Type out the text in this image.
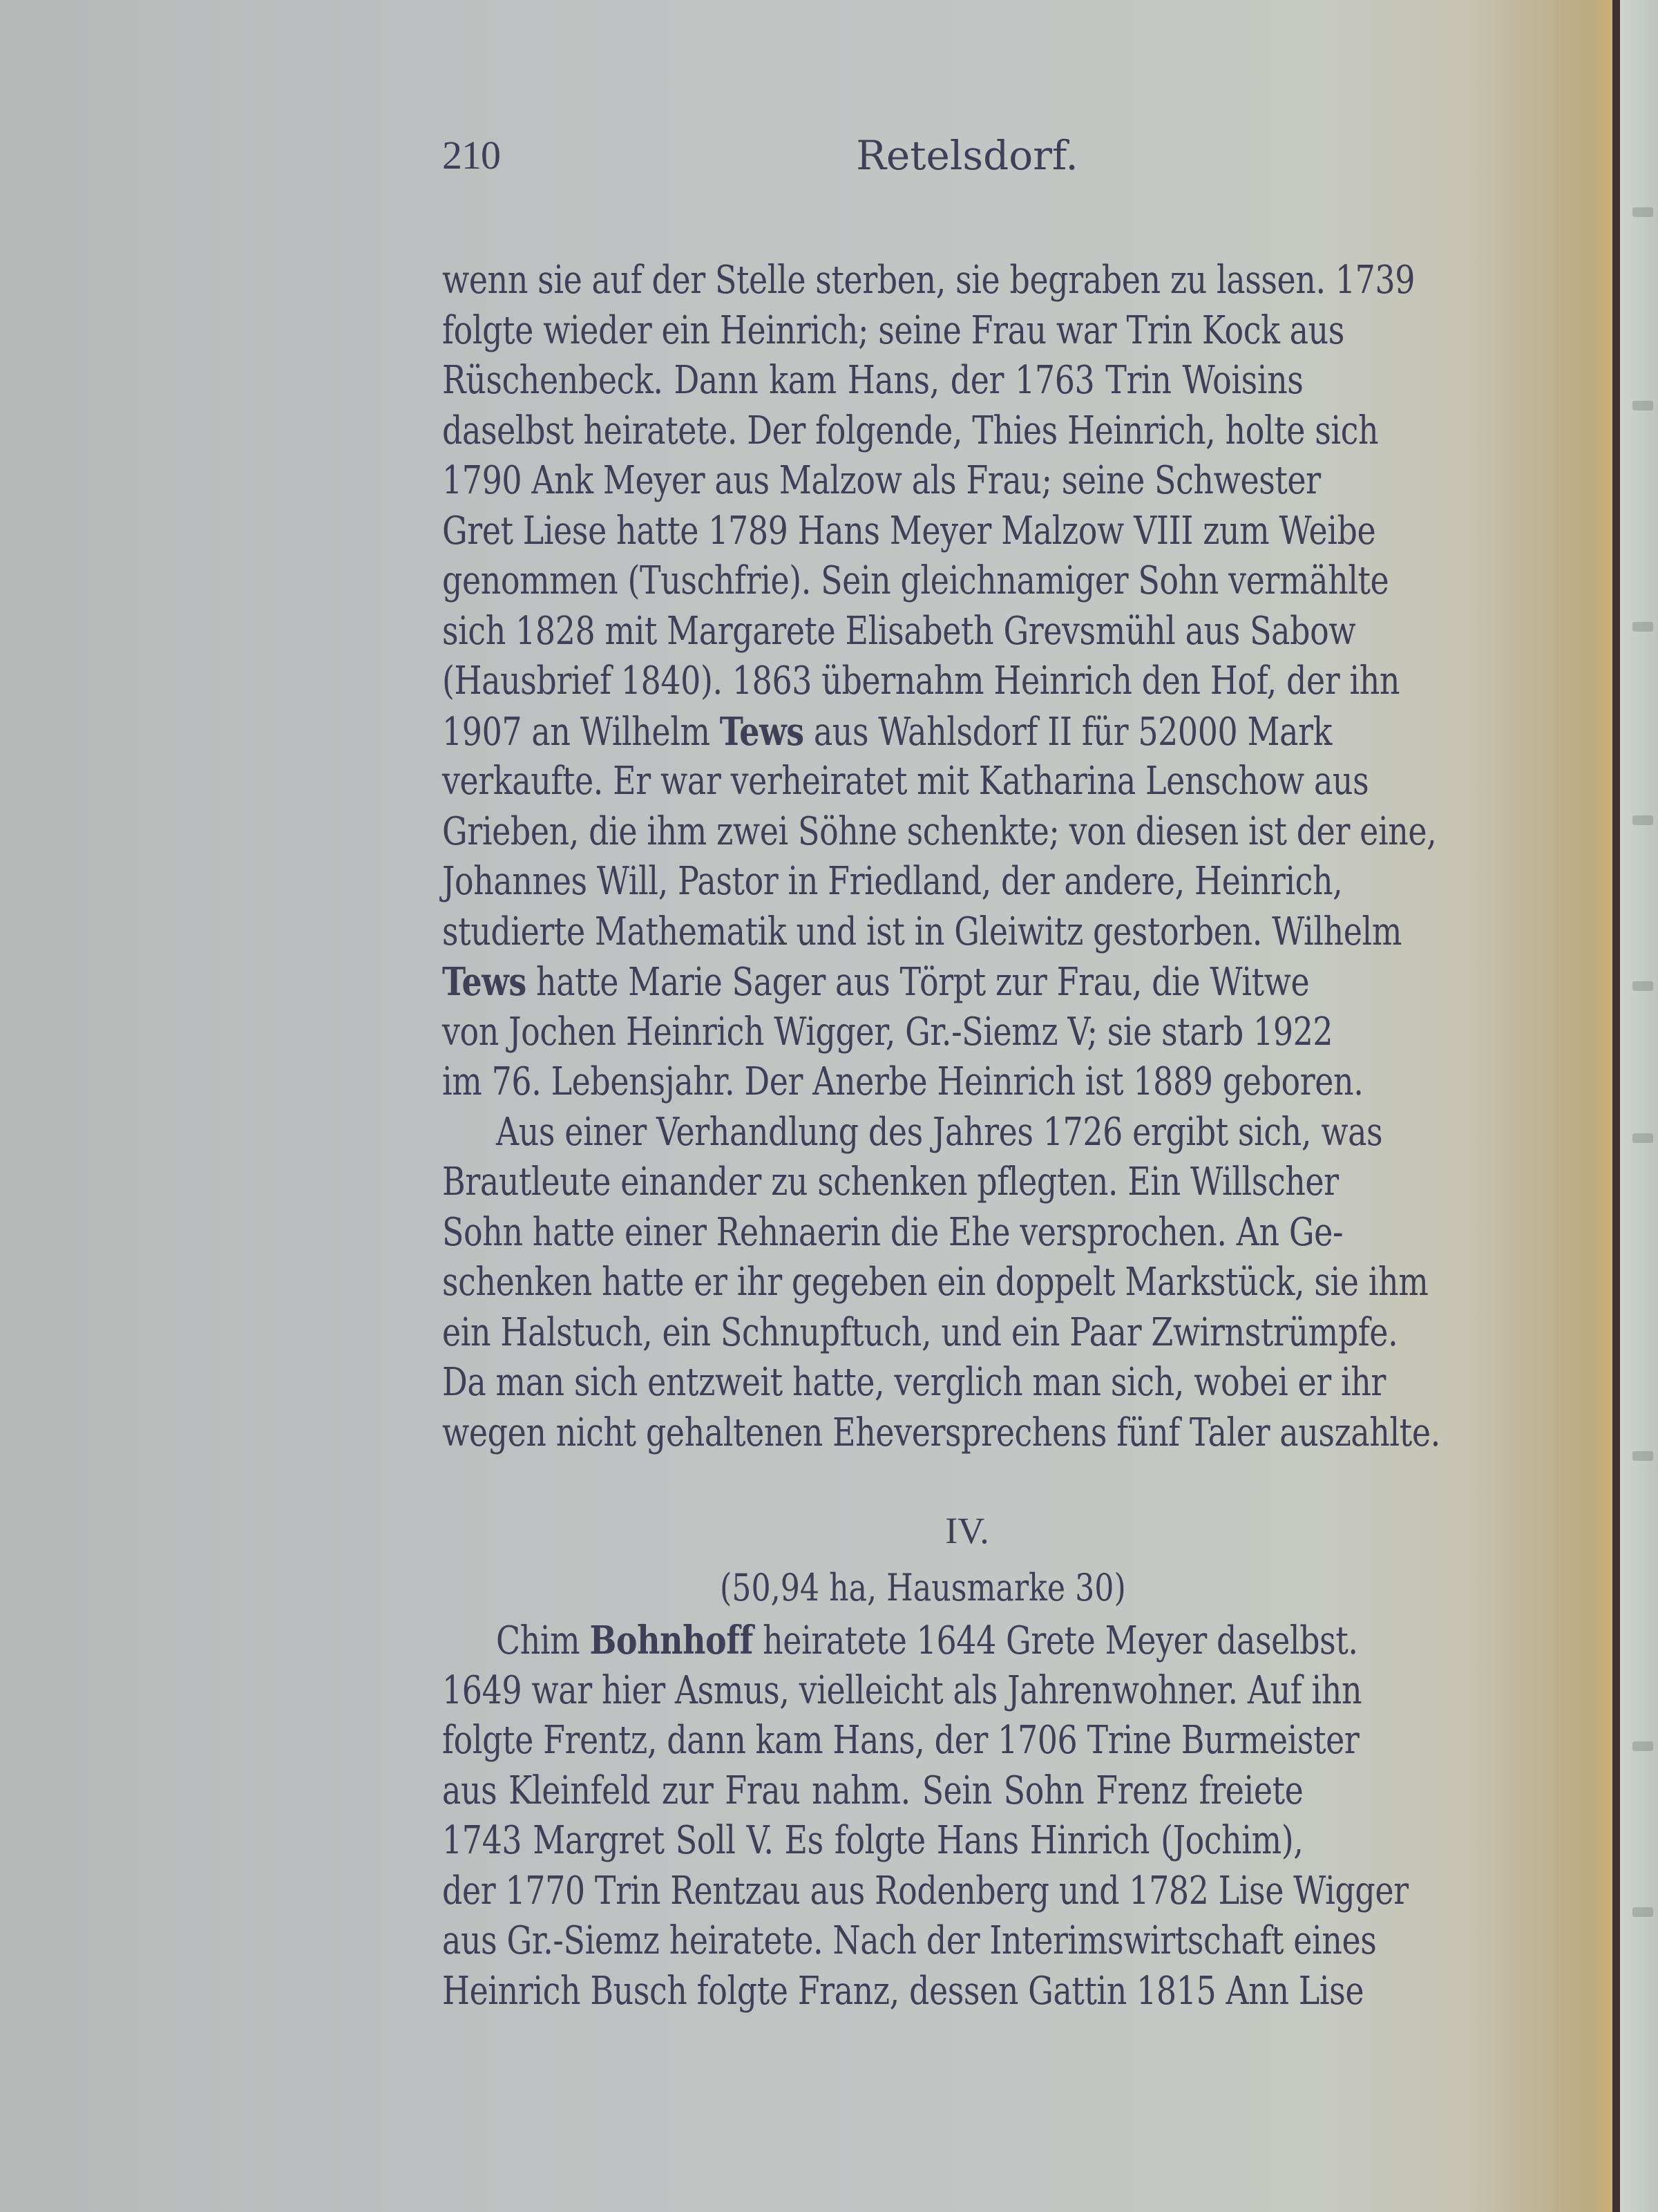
210	Retelsdorf.
wenn sie auf der Stelle sterben, sie begraben zu lassen. 1739
folgte wieder ein Heinrich; seine Frau war Trin Kock aus
Rüschenbeck. Dann kam Hans, der 1763 Trin Woisins
daselbst heiratete. Der folgende, Thies Heinrich, holte sich
1790 Ank Meyer aus Malzow als Frau; seine Schwester
Gret Liese hatte 1789 Hans Meyer Malzow VIII zum Weibe
genommen (Tuschfrie). Sein gleichnamiger Sohn vermählte
sich 1828 mit Margarete Elisabeth Grevsmühl aus Sabow
(Hausbrief 1840). 1863 übernahm Heinrich den Hof, der ihn
1907 an Wilhelm Tews aus Wahlsdorf II für 52000 Mark
verkaufte. Er war verheiratet mit Katharina Lenschow aus
Grieben, die ihm zwei Söhne schenkte; von diesen ist der eine,
Johannes Will, Pastor in Friedland, der andere, Heinrich,
studierte Mathematik und ist in Gleiwitz gestorben. Wilhelm
Tews hatte Marie Sager aus Törpt zur Frau, die Witwe
von Jochen Heinrich Wigger, Gr.-Siemz V; sie starb 1922
im 76. Lebensjahr. Der Anerbe Heinrich ist 1889 geboren.
Aus einer Verhandlung des Jahres 1726 ergibt sich, was
Brautleute einander zu schenken pflegten. Ein Willscher
Sohn hatte einer Rehnaerin die Ehe versprochen. An Ge-
schenken hatte er ihr gegeben ein doppelt Markstück, sie ihm
ein Halstuch, ein Schnupftuch, und ein Paar Zwirnstrümpfe.
Da man sich entzweit hatte, verglich man sich, wobei er ihr
wegen nicht gehaltenen Eheversprechens fünf Taler auszahlte.
IV.
(50,94 ha, Hausmarke 30)
Chim Bohnhoff heiratete 1644 Grete Meyer daselbst.
1649 war hier Asmus, vielleicht als Jahrenwohner. Auf ihn
folgte Frentz, dann kam Hans, der 1706 Trine Burmeister
aus Kleinfeld zur Frau nahm. Sein Sohn Frenz freiete
1743 Margret Soll V. Es folgte Hans Hinrich (Jochim),
der 1770 Trin Rentzau aus Rodenberg und 1782 Lise Wigger
aus Gr.-Siemz heiratete. Nach der Interimswirtschaft eines
Heinrich Busch folgte Franz, dessen Gattin 1815 Ann Lise
